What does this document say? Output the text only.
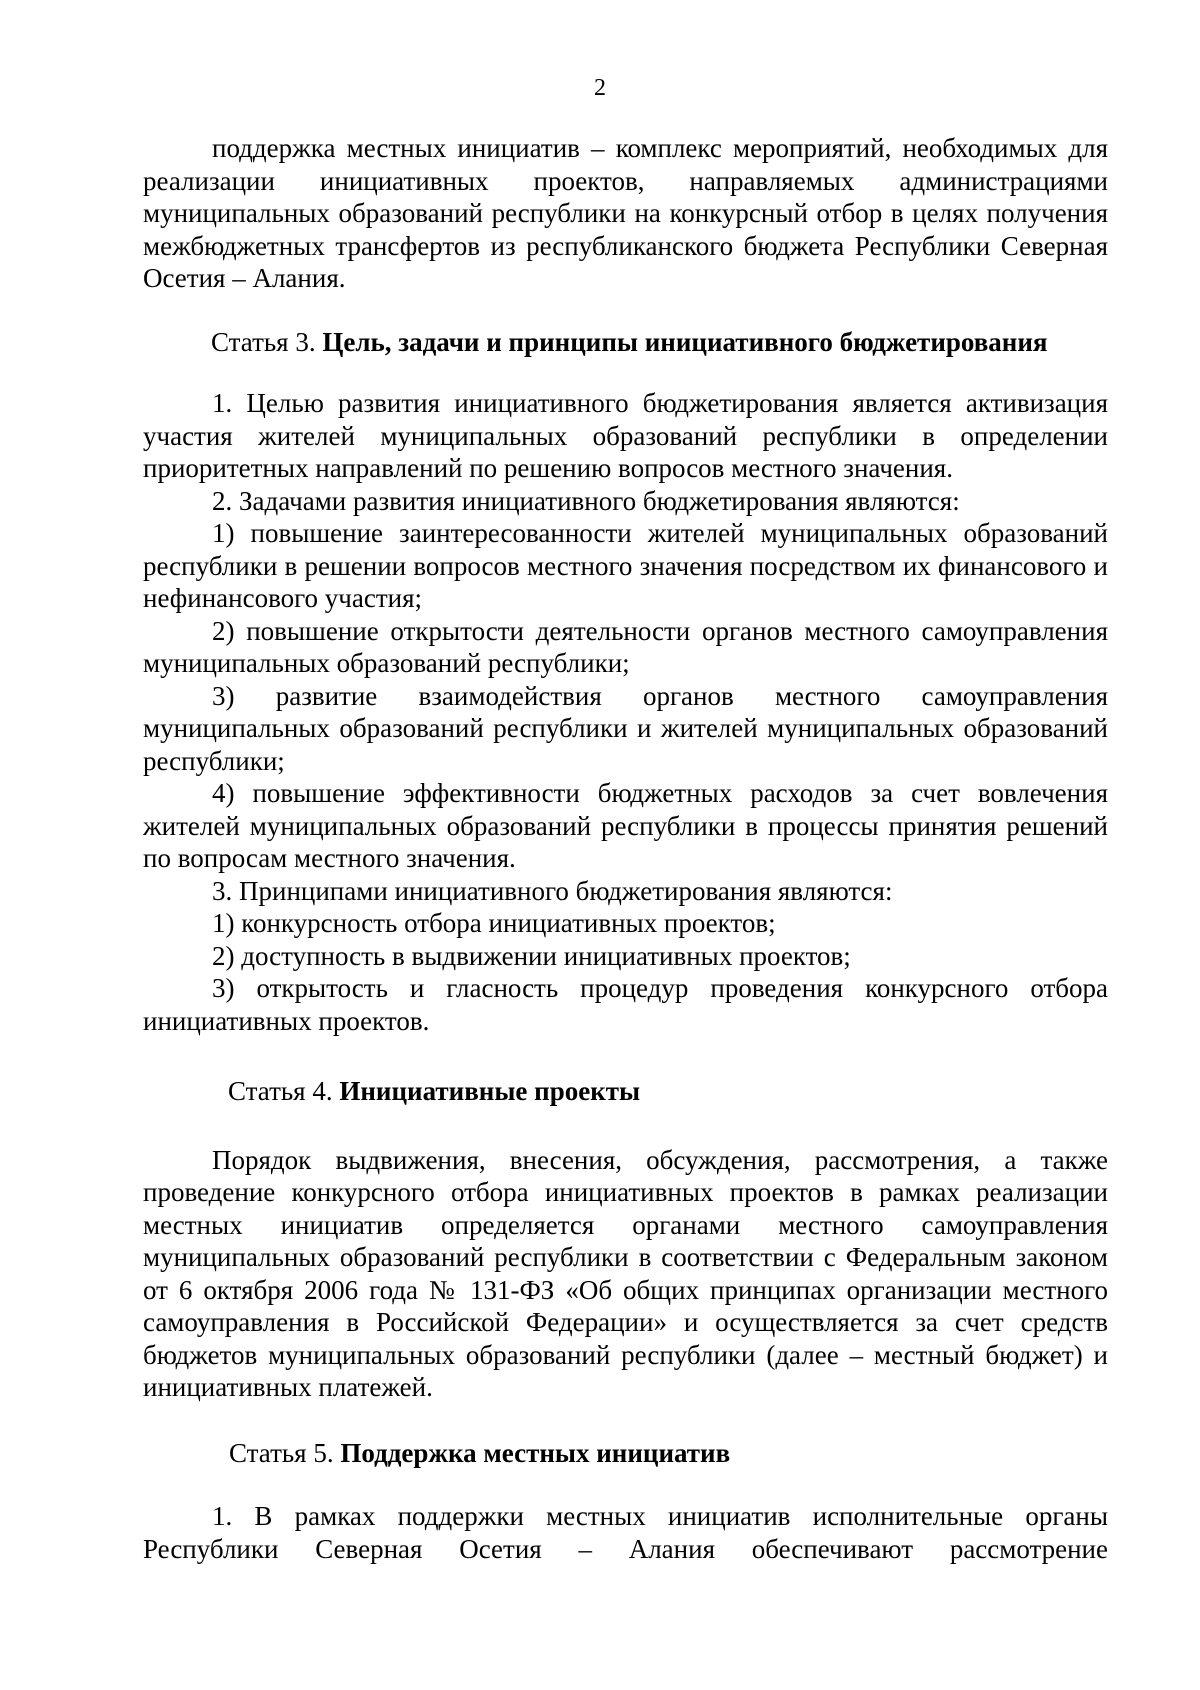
2

поддержка местных инициатив – комплекс мероприятий, необходимых для реализации инициативных проектов, направляемых администрациями муниципальных образований республики на конкурсный отбор в целях получения межбюджетных трансфертов из республиканского бюджета Республики Северная Осетия – Алания.

Статья 3. Цель, задачи и принципы инициативного бюджетирования

1. Целью развития инициативного бюджетирования является активизация участия жителей муниципальных образований республики в определении приоритетных направлений по решению вопросов местного значения.

2. Задачами развития инициативного бюджетирования являются:

1) повышение заинтересованности жителей муниципальных образований республики в решении вопросов местного значения посредством их финансового и нефинансового участия;

2) повышение открытости деятельности органов местного самоуправления муниципальных образований республики;

3) развитие взаимодействия органов местного самоуправления муниципальных образований республики и жителей муниципальных образований республики;

4) повышение эффективности бюджетных расходов за счет вовлечения жителей муниципальных образований республики в процессы принятия решений по вопросам местного значения.

3. Принципами инициативного бюджетирования являются:

1) конкурсность отбора инициативных проектов;

2) доступность в выдвижении инициативных проектов;

3) открытость и гласность процедур проведения конкурсного отбора инициативных проектов.

Статья 4. Инициативные проекты

Порядок выдвижения, внесения, обсуждения, рассмотрения, а также проведение конкурсного отбора инициативных проектов в рамках реализации местных инициатив определяется органами местного самоуправления муниципальных образований республики в соответствии с Федеральным законом от 6 октября 2006 года № 131-ФЗ «Об общих принципах организации местного самоуправления в Российской Федерации» и осуществляется за счет средств бюджетов муниципальных образований республики (далее – местный бюджет) и инициативных платежей.

Статья 5. Поддержка местных инициатив

1. В рамках поддержки местных инициатив исполнительные органы Республики Северная Осетия – Алания обеспечивают рассмотрение
